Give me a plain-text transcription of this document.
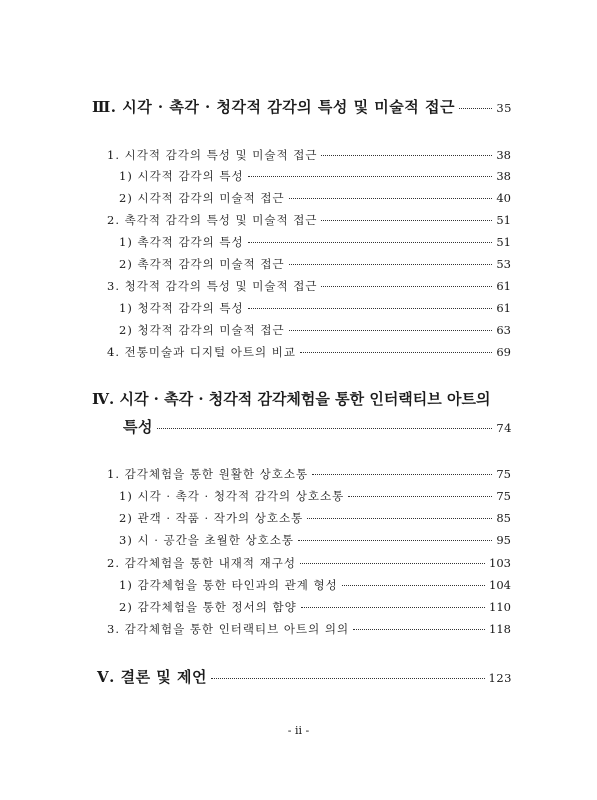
Ⅲ. 시각 · 촉각 · 청각적 감각의 특성 및 미술적 접근	35
1. 시각적 감각의 특성 및 미술적 접근	38
1) 시각적 감각의 특성	38
2) 시각적 감각의 미술적 접근	40
2. 촉각적 감각의 특성 및 미술적 접근	51
1) 촉각적 감각의 특성	51
2) 촉각적 감각의 미술적 접근	53
3. 청각적 감각의 특성 및 미술적 접근	61
1) 청각적 감각의 특성	61
2) 청각적 감각의 미술적 접근	63
4. 전통미술과 디지털 아트의 비교	69
Ⅳ. 시각 · 촉각 · 청각적 감각체험을 통한 인터랙티브 아트의
특성	74
1. 감각체험을 통한 원활한 상호소통	75
1) 시각 · 촉각 · 청각적 감각의 상호소통	75
2) 관객 · 작품 · 작가의 상호소통	85
3) 시 · 공간을 초월한 상호소통	95
2. 감각체험을 통한 내재적 재구성	103
1) 감각체험을 통한 타인과의 관계 형성	104
2) 감각체험을 통한 정서의 함양	110
3. 감각체험을 통한 인터랙티브 아트의 의의	118
Ⅴ. 결론 및 제언	123
- ii -
